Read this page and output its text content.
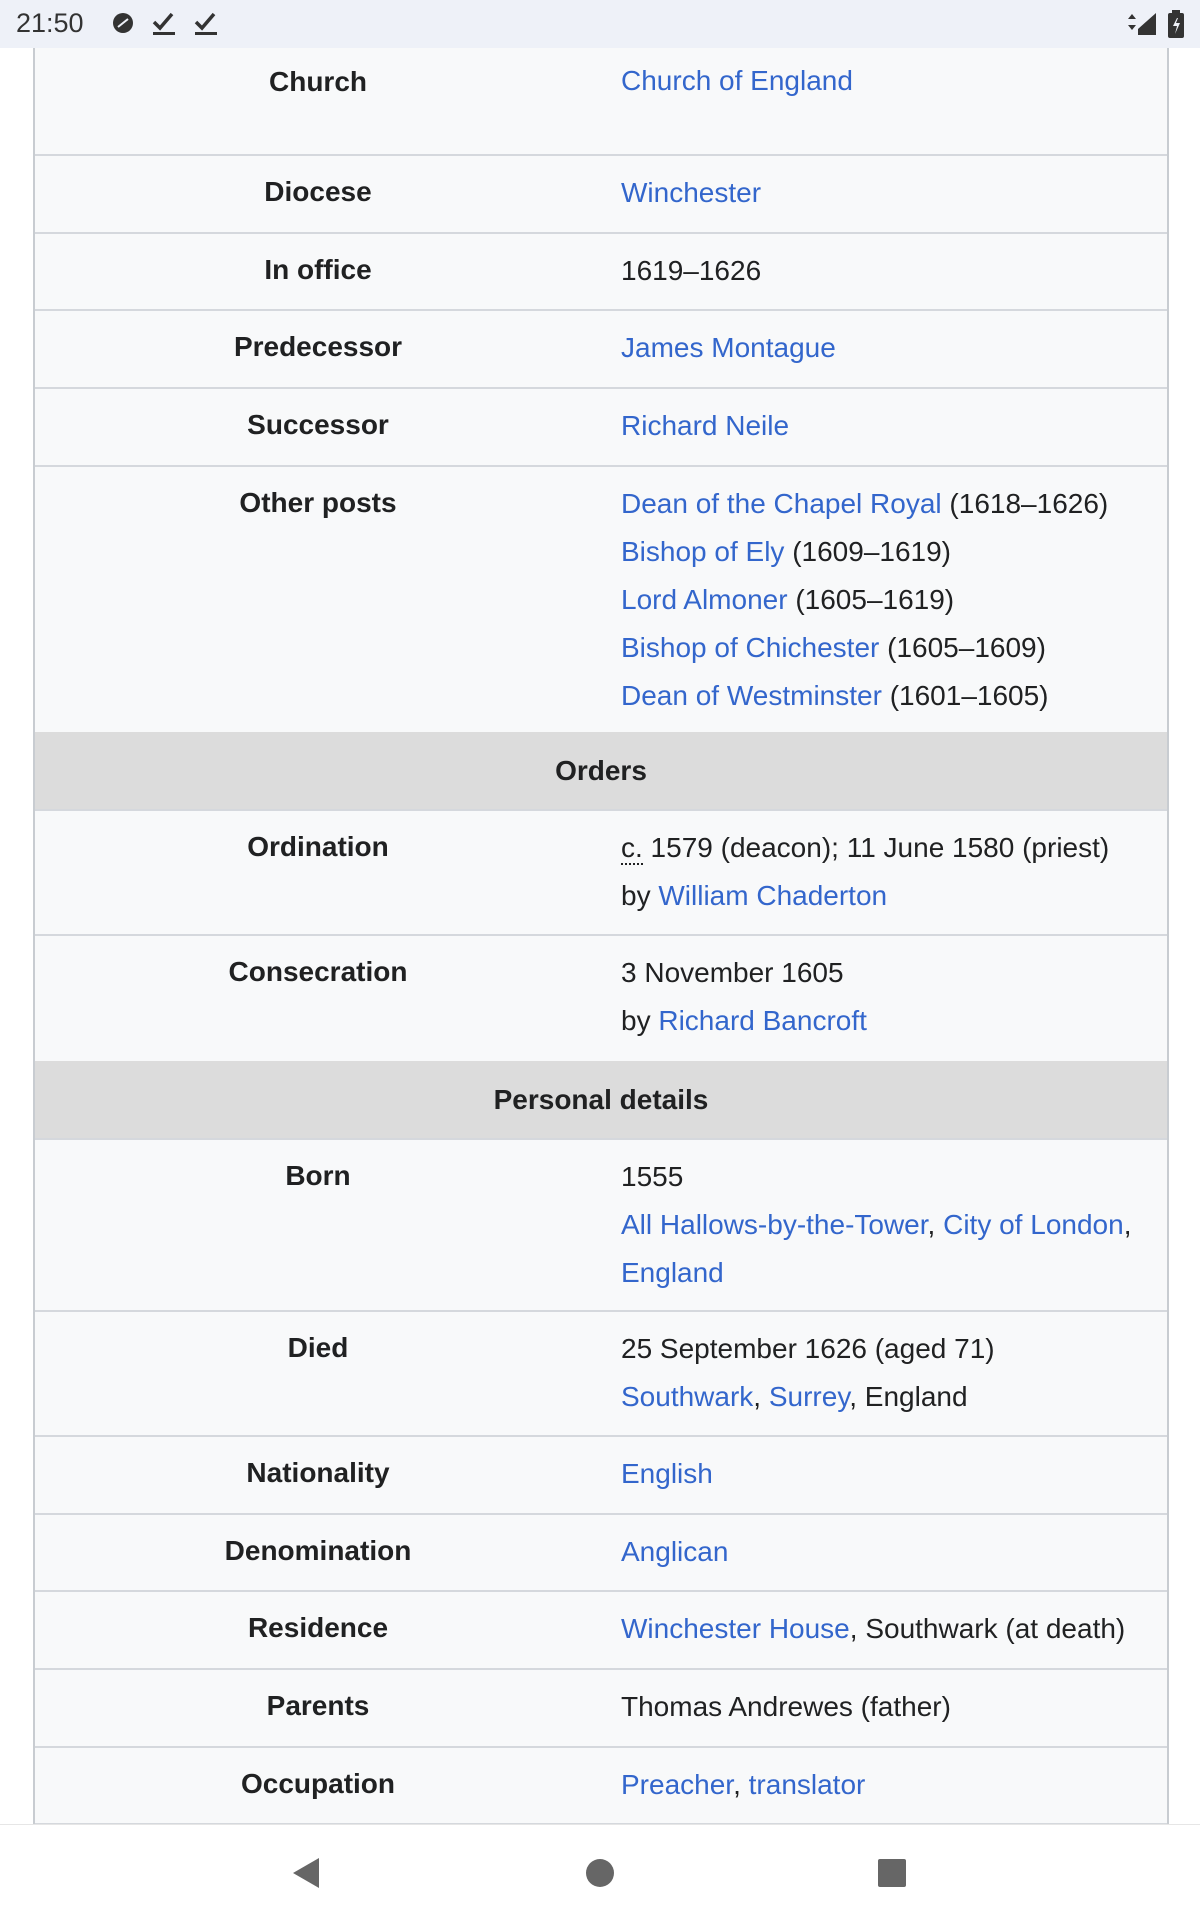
21:50
Church	Church of England
Diocese	Winchester
In office	1619–1626
Predecessor	James Montague
Successor	Richard Neile
Other posts	Dean of the Chapel Royal (1618–1626)
Bishop of Ely (1609–1619)
Lord Almoner (1605–1619)
Bishop of Chichester (1605–1609)
Dean of Westminster (1601–1605)
Orders
Ordination	c. 1579 (deacon); 11 June 1580 (priest)
by William Chaderton
Consecration	3 November 1605
by Richard Bancroft
Personal details
Born	1555
All Hallows-by-the-Tower, City of London,
England
Died	25 September 1626 (aged 71)
Southwark, Surrey, England
Nationality	English
Denomination	Anglican
Residence	Winchester House, Southwark (at death)
Parents	Thomas Andrewes (father)
Occupation	Preacher, translator
